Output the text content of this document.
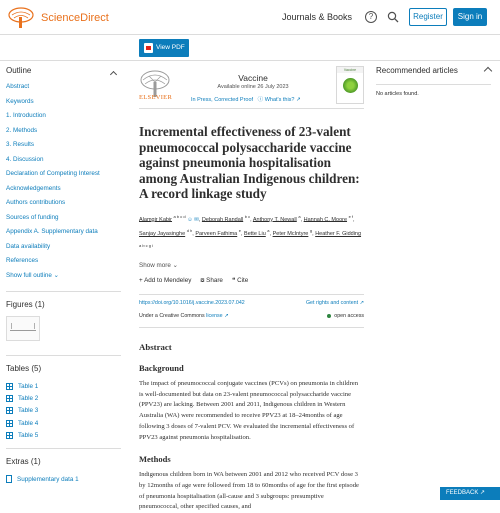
ScienceDirect	Journals & Books	?	Register	Sign in
View PDF
Outline
Abstract
Keywords
1. Introduction
2. Methods
3. Results
4. Discussion
Declaration of Competing Interest
Acknowledgements
Authors contributions
Sources of funding
Appendix A. Supplementary data
Data availability
References
Show full outline ⌄
Figures (1)
Tables (5)
Table 1
Table 2
Table 3
Table 4
Table 5
Extras (1)
Supplementary data 1
ELSEVIER
Vaccine
Available online 26 July 2023
In Press, Corrected Proof ⓘ What's this? ↗
Vaccine
Incremental effectiveness of 23-valent pneumococcal polysaccharide vaccine against pneumonia hospitalisation among Australian Indigenous children: A record linkage study
Alamgir Kabir $^{a b c d}$ ☺ ✉, Deborah Randall $^{b c}$, Anthony T. Newall $^a$, Hannah C. Moore $^{e f}$, Sanjay Jayasinghe $^{d h}$, Parveen Fathima $^e$, Bette Liu $^a$, Peter McIntyre $^g$, Heather F. Gidding $^{a b c g i}$
Show more ⌄
+ Add to Mendeley ⧇ Share ❝ Cite
https://doi.org/10.1016/j.vaccine.2023.07.042	Get rights and content ↗
Under a Creative Commons license ↗	open access
Abstract
Background

The impact of pneumococcal conjugate vaccines (PCVs) on pneumonia in children is well-documented but data on 23-valent pneumococcal polysaccharide vaccine (PPV23) are lacking. Between 2001 and 2011, Indigenous children in Western Australia (WA) were recommended to receive PPV23 at 18–24months of age following 3 doses of 7-valent PCV. We evaluated the incremental effectiveness of PPV23 against pneumonia hospitalisation.

Methods

Indigenous children born in WA between 2001 and 2012 who received PCV dose 3 by 12months of age were followed from 18 to 60months of age for the first episode of pneumonia hospitalisation (all-cause and 3 subgroups: presumptive pneumococcal, other specified causes, and

Recommended articles
No articles found.
FEEDBACK ↗
